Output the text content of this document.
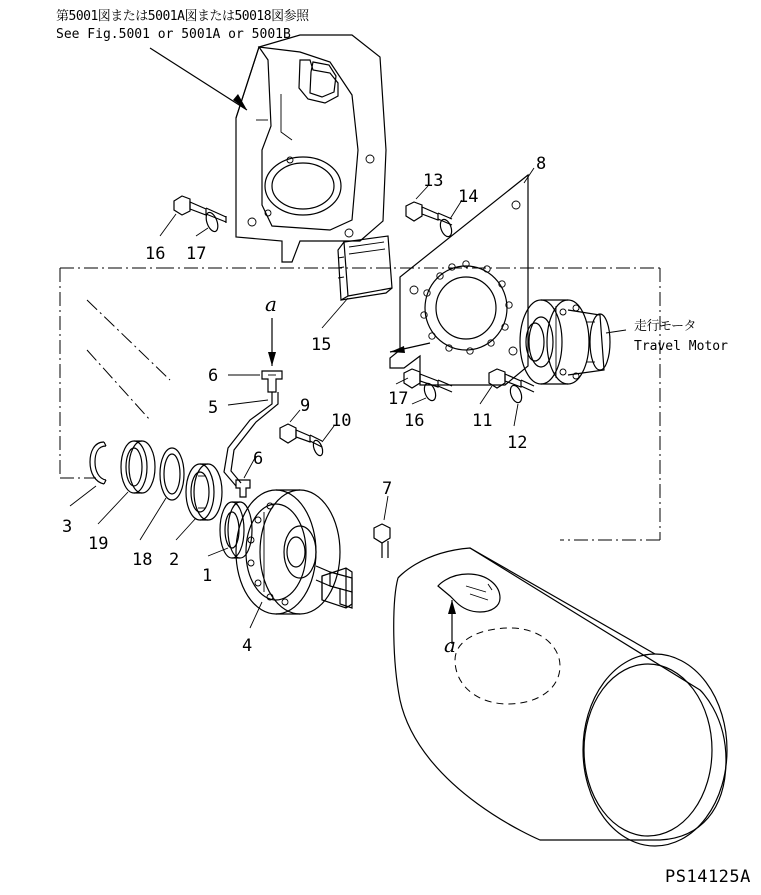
第5001図または5001A図または50018図参照
See Fig.5001 or 5001A or 5001B
走行モータ
Travel Motor
a
a
PS14125A
16 17
13
14
8
15
17
16	11
12
6
5	9
10
6
3
19
18 2
1
4
7
